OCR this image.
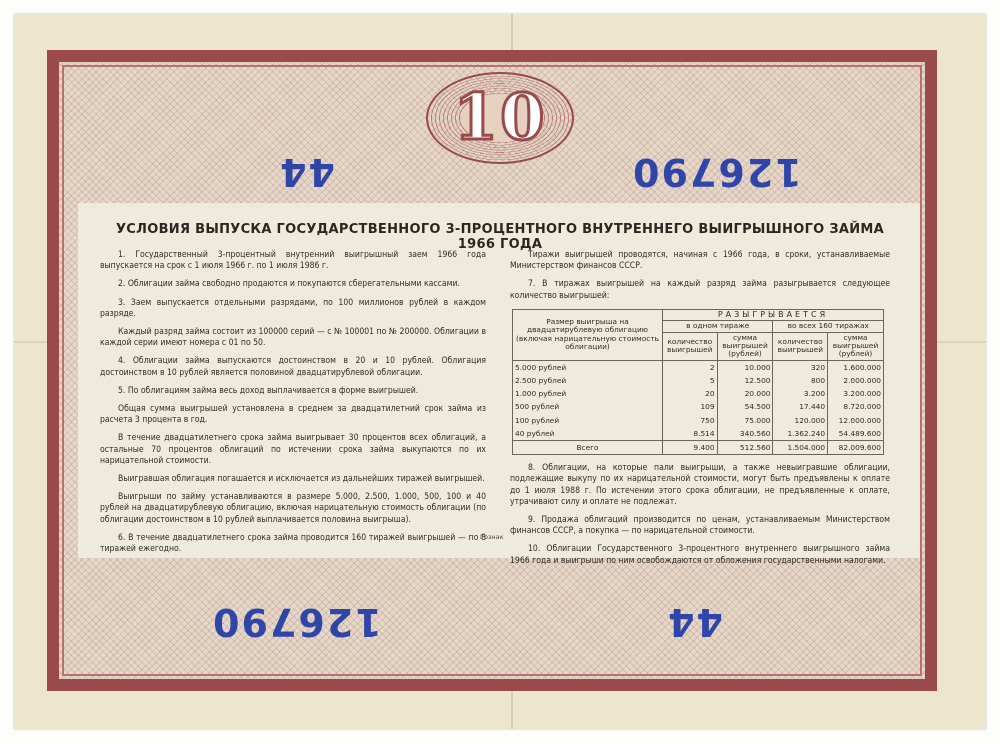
10
44	126790
126790	44
УСЛОВИЯ ВЫПУСКА ГОСУДАРСТВЕННОГО 3-ПРОЦЕНТНОГО ВНУТРЕННЕГО ВЫИГРЫШНОГО ЗАЙМА 1966 ГОДА

1. Государственный 3-процентный внутренний выигрышный заем 1966 года выпускается на срок с 1 июля 1966 г. по 1 июля 1986 г.

2. Облигации займа свободно продаются и покупаются сберегательными кассами.

3. Заем выпускается отдельными разрядами, по 100 миллионов рублей в каждом разряде.

Каждый разряд займа состоит из 100000 серий — с № 100001 по № 200000. Облигации в каждой серии имеют номера с 01 по 50.

4. Облигации займа выпускаются достоинством в 20 и 10 рублей. Облигация достоинством в 10 рублей является половиной двадцатирублевой облигации.

5. По облигациям займа весь доход выплачивается в форме выигрышей.

Общая сумма выигрышей установлена в среднем за двадцатилетний срок займа из расчета 3 процента в год.

В течение двадцатилетнего срока займа выигрывает 30 процентов всех облигаций, а остальные 70 процентов облигаций по истечении срока займа выкупаются по их нарицательной стоимости.

Выигравшая облигация погашается и исключается из дальнейших тиражей выигрышей.

Выигрыши по займу устанавливаются в размере 5.000, 2.500, 1.000, 500, 100 и 40 рублей на двадцатирублевую облигацию, включая нарицательную стоимость облигации (по облигации достоинством в 10 рублей выплачивается половина выигрыша).

6. В течение двадцатилетнего срока займа проводится 160 тиражей выигрышей — по 8 тиражей ежегодно.

Тиражи выигрышей проводятся, начиная с 1966 года, в сроки, устанавливаемые Министерством финансов СССР.

7. В тиражах выигрышей на каждый разряд займа разыгрывается следующее количество выигрышей:

Размер выигрыша на двадцатирублевую облигацию (включая нарицательную стоимость облигации)	РАЗЫГРЫВАЕТСЯ			
	в одном тираже		во всех 160 тиражах	
	количество выигрышей	сумма выигрышей (рублей)	количество выигрышей	сумма выигрышей (рублей)
5.000 рублей	2	10.000	320	1.600.000
2.500 рублей	5	12.500	800	2.000.000
1.000 рублей	20	20.000	3.200	3.200.000
500 рублей	109	54.500	17.440	8.720.000
100 рублей	750	75.000	120.000	12.000.000
40 рублей	8.514	340.560	1.362.240	54.489.600
Всего	9.400	512.560	1.504.000	82.009.600

8. Облигации, на которые пали выигрыши, а также невыигравшие облигации, подлежащие выкупу по их нарицательной стоимости, могут быть предъявлены к оплате до 1 июля 1988 г. По истечении этого срока облигации, не предъявленные к оплате, утрачивают силу и оплате не подлежат.

9. Продажа облигаций производится по ценам, устанавливаемым Министерством финансов СССР, а покупка — по нарицательной стоимости.

10. Облигации Государственного 3-процентного внутреннего выигрышного займа 1966 года и выигрыши по ним освобождаются от обложения государственными налогами.

Гознак
